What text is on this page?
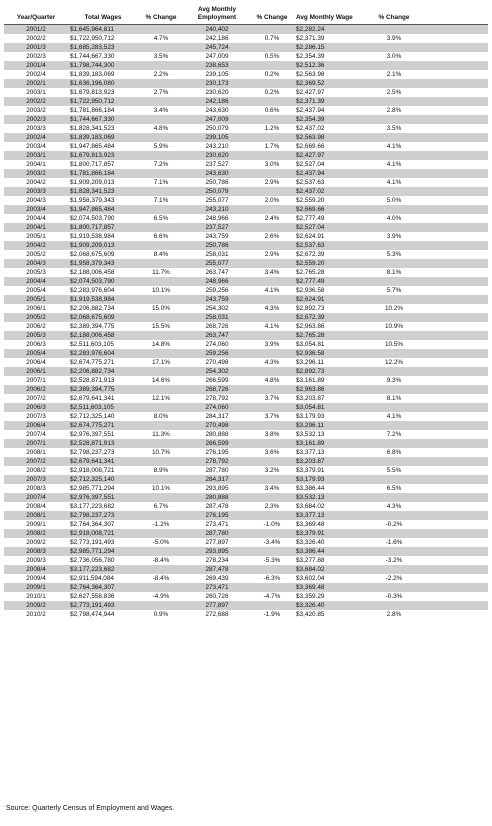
Year/Quarter	Total Wages	% Change	Avg Monthly Employment	% Change	Avg Monthly Wage	% Change	
2001/2	$1,645,964,811		240,402		$2,282.24		
2002/2	$1,722,950,712	4.7%	242,186	0.7%	$2,371.39	3.9%	
2001/3	$1,685,283,523		245,724		$2,286.15		
2002/3	$1,744,667,330	3.5%	247,009	0.5%	$2,354.39	3.0%	
2001/4	$1,798,744,300		238,653		$2,512.36		
2002/4	$1,839,183,069	2.2%	239,105	0.2%	$2,563.98	2.1%	
2002/1	$1,636,196,080		230,173		$2,369.52		
2003/1	$1,679,813,923	2.7%	230,620	0.2%	$2,427.97	2.5%	
2002/2	$1,722,950,712		242,186		$2,371.39		
2003/2	$1,781,866,184	3.4%	243,630	0.6%	$2,437.94	2.8%	
2002/3	$1,744,667,330		247,009		$2,354.39		
2003/3	$1,828,341,523	4.8%	250,079	1.2%	$2,437.02	3.5%	
2002/4	$1,839,183,069		239,105		$2,563.98		
2003/4	$1,947,865,484	5.9%	243,210	1.7%	$2,669.66	4.1%	
2003/1	$1,679,813,923		230,620		$2,427.97		
2004/1	$1,800,717,857	7.2%	237,527	3.0%	$2,527.04	4.1%	
2003/2	$1,781,866,184		243,630		$2,437.94		
2004/2	$1,909,209,013	7.1%	250,786	2.9%	$2,537.63	4.1%	
2003/3	$1,828,341,523		250,079		$2,437.02		
2004/3	$1,958,379,343	7.1%	255,077	2.0%	$2,559.20	5.0%	
2003/4	$1,947,865,484		243,210		$2,669.66		
2004/4	$2,074,503,790	6.5%	248,966	2.4%	$2,777.49	4.0%	
2004/1	$1,800,717,857		237,527		$2,527.04		
2005/1	$1,919,538,984	6.6%	243,759	2.6%	$2,624.91	3.9%	
2004/2	$1,909,209,013		250,786		$2,537.63		
2005/2	$2,068,675,609	8.4%	258,031	2.9%	$2,672.39	5.3%	
2004/3	$1,958,379,343		255,077		$2,559.20		
2005/3	$2,188,006,458	11.7%	263,747	3.4%	$2,765.28	8.1%	
2004/4	$2,074,503,790		248,966		$2,777.49		
2005/4	$2,283,976,604	10.1%	259,256	4.1%	$2,936.58	5.7%	
2005/1	$1,919,538,984		243,759		$2,624.91		
2006/1	$2,206,882,734	15.0%	254,302	4.3%	$2,892.73	10.2%	
2005/2	$2,068,675,609		258,031		$2,672.39		
2006/2	$2,389,394,775	15.5%	268,726	4.1%	$2,963.86	10.9%	
2005/3	$2,188,006,458		263,747		$2,765.28		
2006/3	$2,511,603,105	14.8%	274,060	3.9%	$3,054.81	10.5%	
2005/4	$2,283,976,604		259,256		$2,936.58		
2006/4	$2,674,775,271	17.1%	270,498	4.3%	$3,296.11	12.2%	
2006/1	$2,206,882,734		254,302		$2,892.73		
2007/1	$2,528,871,913	14.6%	266,599	4.8%	$3,161.89	9.3%	
2006/2	$2,389,394,775		268,726		$2,963.86		
2007/2	$2,679,641,341	12.1%	278,792	3.7%	$3,203.87	8.1%	
2006/3	$2,511,603,105		274,060		$3,054.81		
2007/3	$2,712,325,140	8.0%	284,317	3.7%	$3,179.93	4.1%	
2006/4	$2,674,775,271		270,498		$3,296.11		
2007/4	$2,976,397,551	11.3%	280,888	3.8%	$3,532.13	7.2%	
2007/1	$2,528,871,913		266,599		$3,161.89		
2008/1	$2,798,237,273	10.7%	276,195	3.6%	$3,377.13	6.8%	
2007/2	$2,679,641,341		278,792		$3,203.87		
2008/2	$2,918,008,721	8.9%	287,780	3.2%	$3,379.91	5.5%	
2007/3	$2,712,325,140		284,317		$3,179.93		
2008/3	$2,985,771,294	10.1%	293,895	3.4%	$3,386.44	6.5%	
2007/4	$2,976,397,551		280,888		$3,532.13		
2008/4	$3,177,223,682	6.7%	287,478	2.3%	$3,684.02	4.3%	
2008/1	$2,798,237,273		276,195		$3,377.13		
2009/1	$2,764,364,307	-1.2%	273,471	-1.0%	$3,369.48	-0.2%	
2008/2	$2,918,008,721		287,780		$3,379.91		
2009/2	$2,773,191,493	-5.0%	277,897	-3.4%	$3,326.40	-1.6%	
2008/3	$2,985,771,294		293,895		$3,386.44		
2009/3	$2,736,056,780	-8.4%	278,234	-5.3%	$3,277.88	-3.2%	
2008/4	$3,177,223,682		287,478		$3,684.02		
2009/4	$2,911,594,084	-8.4%	269,439	-6.3%	$3,602.04	-2.2%	
2009/1	$2,764,364,307		273,471		$3,369.48		
2010/1	$2,627,558,836	-4.9%	260,726	-4.7%	$3,359.29	-0.3%	
2009/2	$2,773,191,493		277,897		$3,326.40		
2010/2	$2,798,474,944	0.9%	272,688	-1.9%	$3,420.85	2.8%	
Source: Quarterly Census of Employment and Wages.
